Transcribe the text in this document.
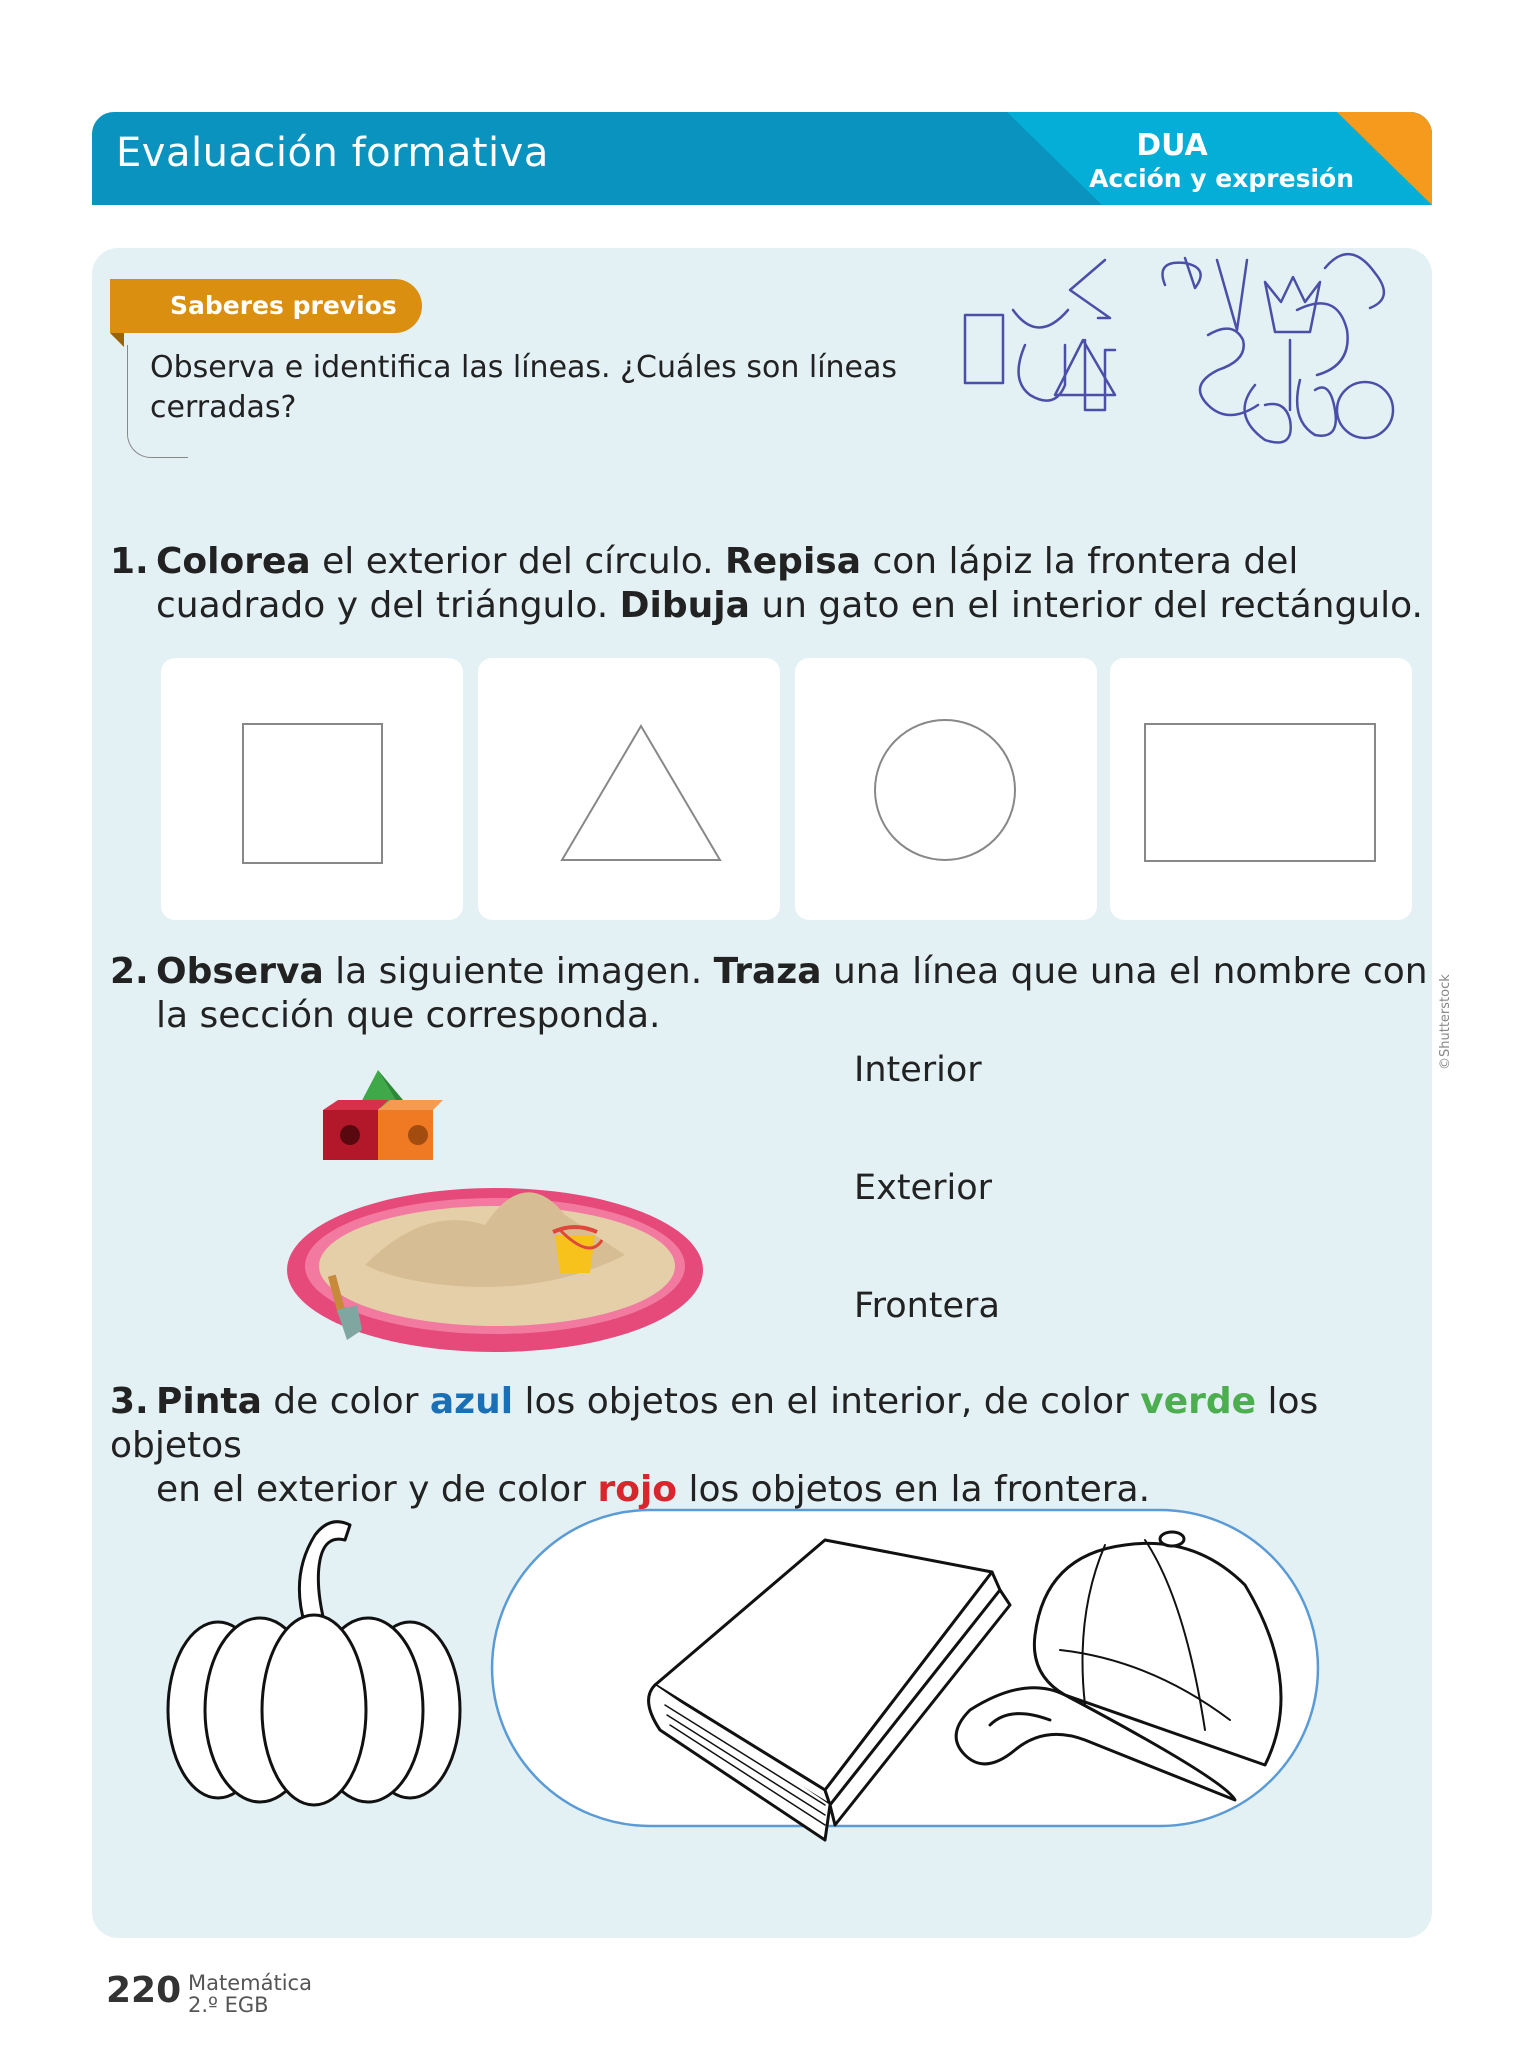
Evaluación formativa	DUA
Acción y expresión
Saberes previos
Observa e identifica las líneas. ¿Cuáles son líneas cerradas?
1. Colorea el exterior del círculo. Repisa con lápiz la frontera del
cuadrado y del triángulo. Dibuja un gato en el interior del rectángulo.
2. Observa la siguiente imagen. Traza una línea que una el nombre con
la sección que corresponda.
Interior
Exterior
Frontera
©Shutterstock
3. Pinta de color azul los objetos en el interior, de color verde los objetos
en el exterior y de color rojo los objetos en la frontera.
220 Matemática
2.º EGB
